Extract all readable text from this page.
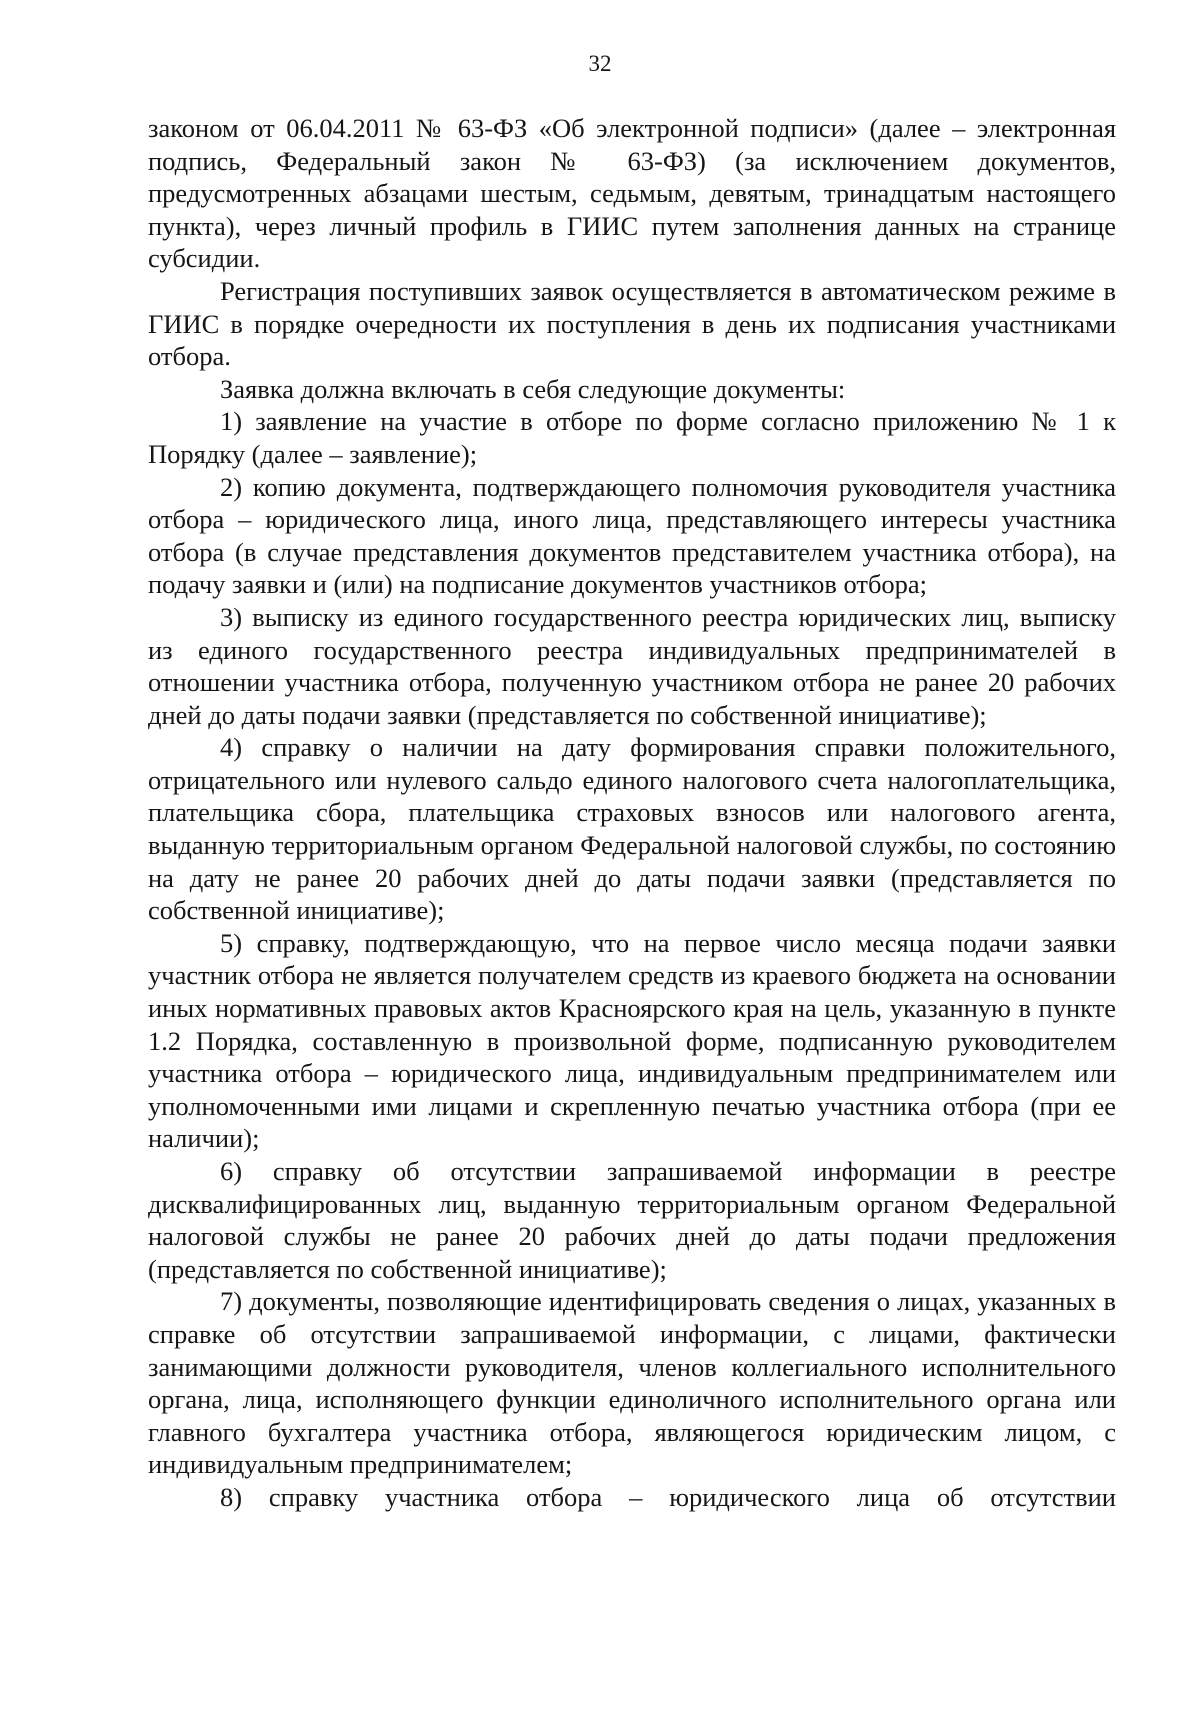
32

законом от 06.04.2011 № 63-ФЗ «Об электронной подписи» (далее – электронная подпись, Федеральный закон № 63-ФЗ) (за исключением документов, предусмотренных абзацами шестым, седьмым, девятым, тринадцатым настоящего пункта), через личный профиль в ГИИС путем заполнения данных на странице субсидии.

Регистрация поступивших заявок осуществляется в автоматическом режиме в ГИИС в порядке очередности их поступления в день их подписания участниками отбора.

Заявка должна включать в себя следующие документы:

1) заявление на участие в отборе по форме согласно приложению № 1 к Порядку (далее – заявление);

2) копию документа, подтверждающего полномочия руководителя участника отбора – юридического лица, иного лица, представляющего интересы участника отбора (в случае представления документов представителем участника отбора), на подачу заявки и (или) на подписание документов участников отбора;

3) выписку из единого государственного реестра юридических лиц, выписку из единого государственного реестра индивидуальных предпринимателей в отношении участника отбора, полученную участником отбора не ранее 20 рабочих дней до даты подачи заявки (представляется по собственной инициативе);

4) справку о наличии на дату формирования справки положительного, отрицательного или нулевого сальдо единого налогового счета налогоплательщика, плательщика сбора, плательщика страховых взносов или налогового агента, выданную территориальным органом Федеральной налоговой службы, по состоянию на дату не ранее 20 рабочих дней до даты подачи заявки (представляется по собственной инициативе);

5) справку, подтверждающую, что на первое число месяца подачи заявки участник отбора не является получателем средств из краевого бюджета на основании иных нормативных правовых актов Красноярского края на цель, указанную в пункте 1.2 Порядка, составленную в произвольной форме, подписанную руководителем участника отбора – юридического лица, индивидуальным предпринимателем или уполномоченными ими лицами и скрепленную печатью участника отбора (при ее наличии);

6) справку об отсутствии запрашиваемой информации в реестре дисквалифицированных лиц, выданную территориальным органом Федеральной налоговой службы не ранее 20 рабочих дней до даты подачи предложения (представляется по собственной инициативе);

7) документы, позволяющие идентифицировать сведения о лицах, указанных в справке об отсутствии запрашиваемой информации, с лицами, фактически занимающими должности руководителя, членов коллегиального исполнительного органа, лица, исполняющего функции единоличного исполнительного органа или главного бухгалтера участника отбора, являющегося юридическим лицом, с индивидуальным предпринимателем;

8) справку участника отбора – юридического лица об отсутствии
